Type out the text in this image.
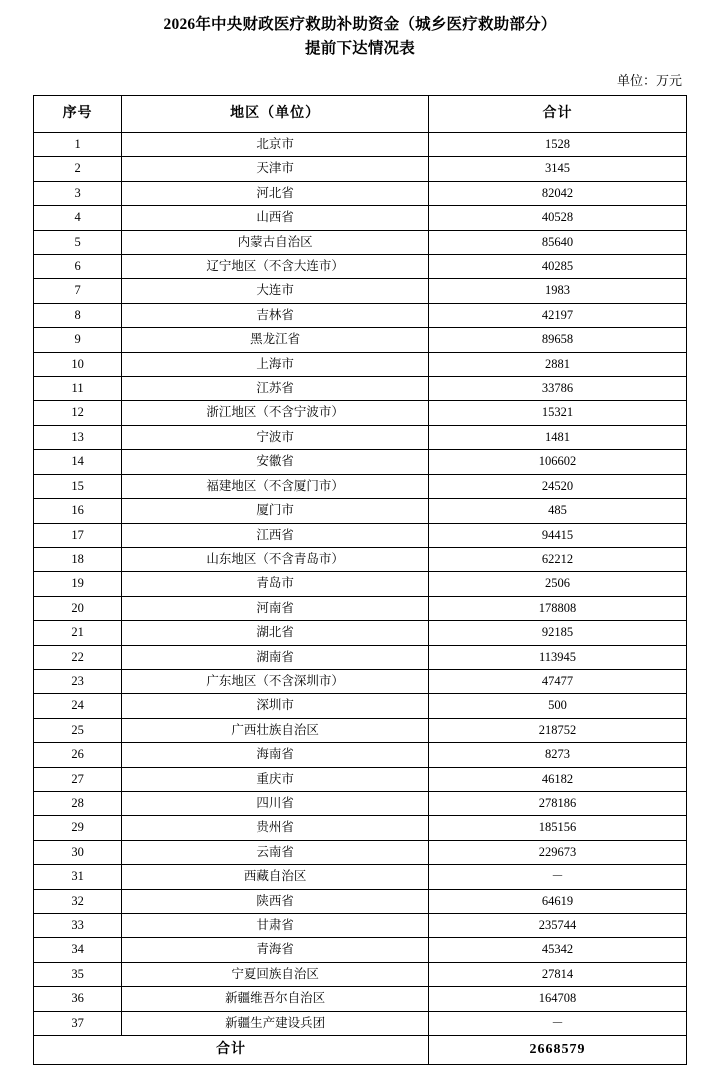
2026年中央财政医疗救助补助资金（城乡医疗救助部分）
提前下达情况表
单位：万元
序号	地区（单位）	合计
1	北京市	1528
2	天津市	3145
3	河北省	82042
4	山西省	40528
5	内蒙古自治区	85640
6	辽宁地区（不含大连市）	40285
7	大连市	1983
8	吉林省	42197
9	黑龙江省	89658
10	上海市	2881
11	江苏省	33786
12	浙江地区（不含宁波市）	15321
13	宁波市	1481
14	安徽省	106602
15	福建地区（不含厦门市）	24520
16	厦门市	485
17	江西省	94415
18	山东地区（不含青岛市）	62212
19	青岛市	2506
20	河南省	178808
21	湖北省	92185
22	湖南省	113945
23	广东地区（不含深圳市）	47477
24	深圳市	500
25	广西壮族自治区	218752
26	海南省	8273
27	重庆市	46182
28	四川省	278186
29	贵州省	185156
30	云南省	229673
31	西藏自治区	－
32	陕西省	64619
33	甘肃省	235744
34	青海省	45342
35	宁夏回族自治区	27814
36	新疆维吾尔自治区	164708
37	新疆生产建设兵团	－
合计		2668579
